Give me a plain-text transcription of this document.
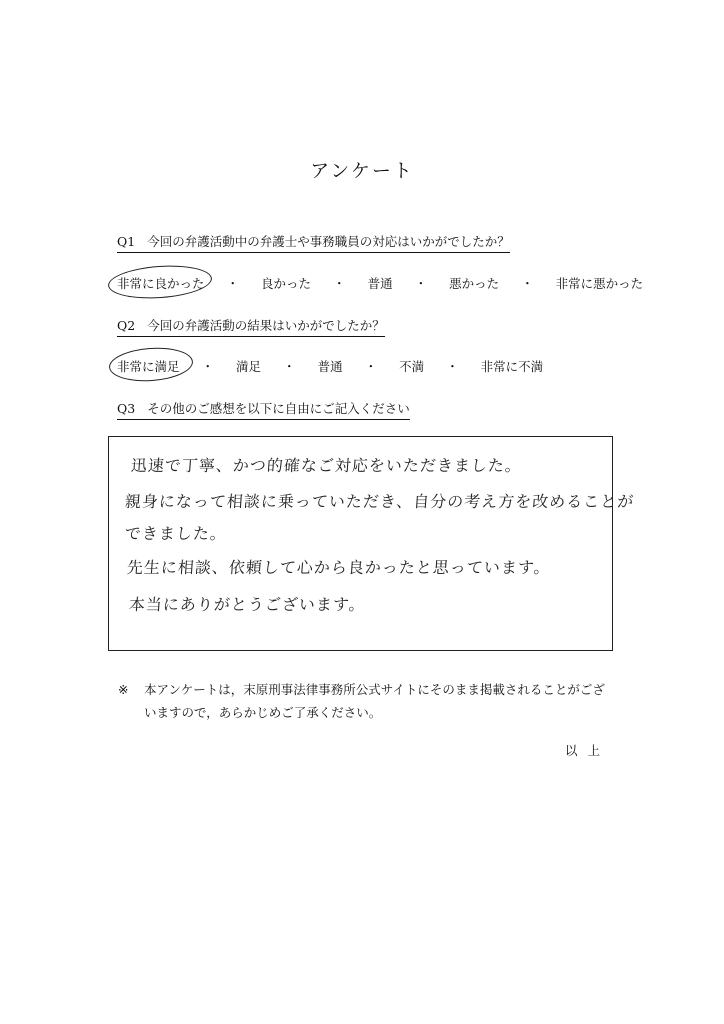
アンケート
Q1 今回の弁護活動中の弁護士や事務職員の対応はいかがでしたか？
非常に良かった ・ 良かった ・ 普通 ・ 悪かった ・ 非常に悪かった
Q2 今回の弁護活動の結果はいかがでしたか？
非常に満足 ・ 満足 ・ 普通 ・ 不満 ・ 非常に不満
Q3 その他のご感想を以下に自由にご記入ください
迅速で丁寧、かつ的確なご対応をいただきました。
親身になって相談に乗っていただき、自分の考え方を改めることが
できました。
先生に相談、依頼して心から良かったと思っています。
本当にありがとうございます。
※ 本アンケートは，末原刑事法律事務所公式サイトにそのまま掲載されることがございますので，あらかじめご了承ください。
以上
